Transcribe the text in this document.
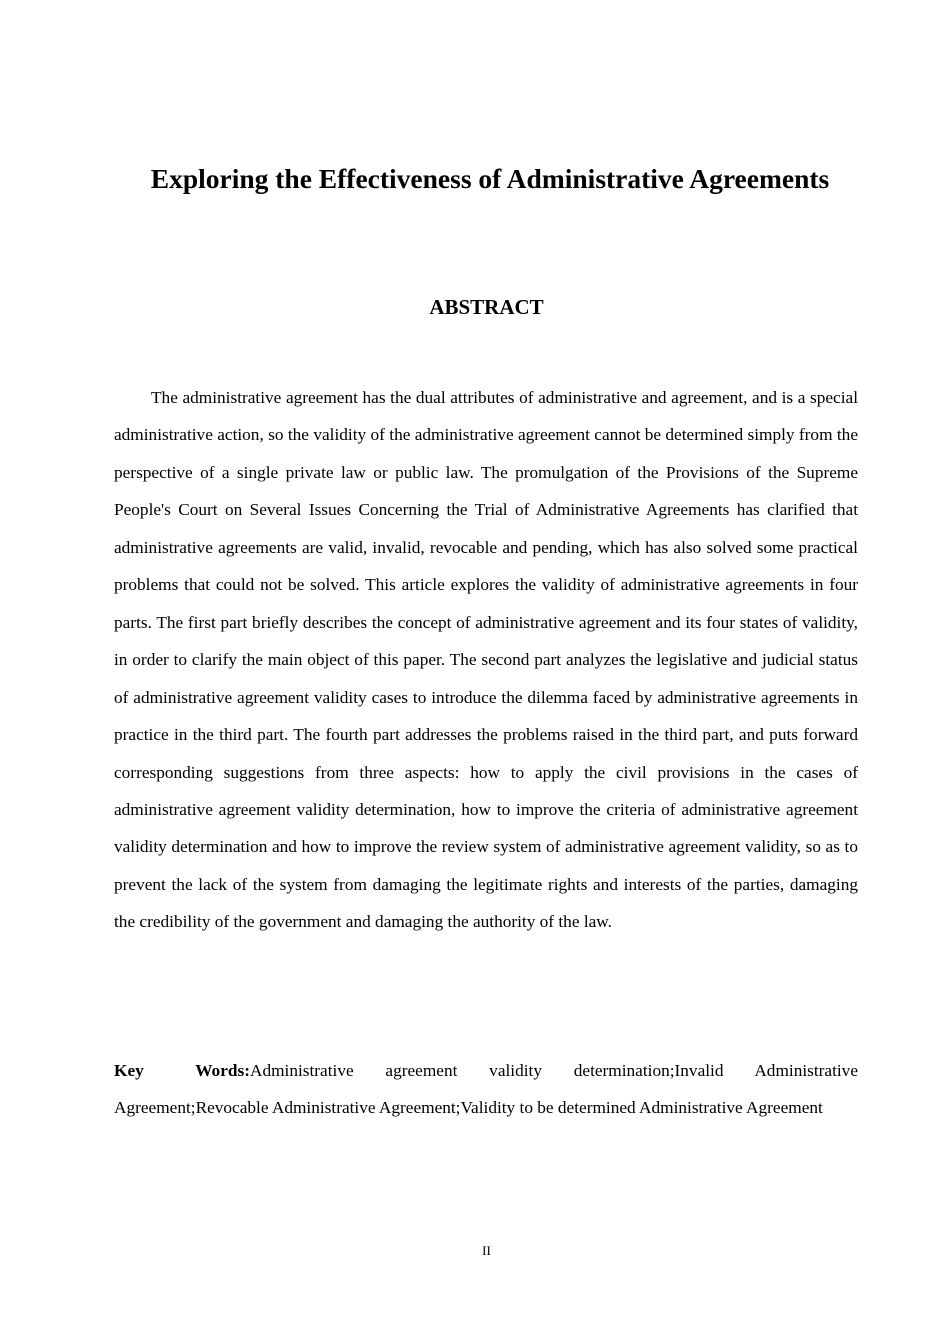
Exploring the Effectiveness of Administrative Agreements
ABSTRACT

The administrative agreement has the dual attributes of administrative and agreement, and is a special administrative action, so the validity of the administrative agreement cannot be determined simply from the perspective of a single private law or public law. The promulgation of the Provisions of the Supreme People's Court on Several Issues Concerning the Trial of Administrative Agreements has clarified that administrative agreements are valid, invalid, revocable and pending, which has also solved some practical problems that could not be solved. This article explores the validity of administrative agreements in four parts. The first part briefly describes the concept of administrative agreement and its four states of validity, in order to clarify the main object of this paper. The second part analyzes the legislative and judicial status of administrative agreement validity cases to introduce the dilemma faced by administrative agreements in practice in the third part. The fourth part addresses the problems raised in the third part, and puts forward corresponding suggestions from three aspects: how to apply the civil provisions in the cases of administrative agreement validity determination, how to improve the criteria of administrative agreement validity determination and how to improve the review system of administrative agreement validity, so as to prevent the lack of the system from damaging the legitimate rights and interests of the parties, damaging the credibility of the government and damaging the authority of the law.

Key Words:Administrative agreement validity determination;Invalid Administrative Agreement;Revocable Administrative Agreement;Validity to be determined Administrative Agreement

II
